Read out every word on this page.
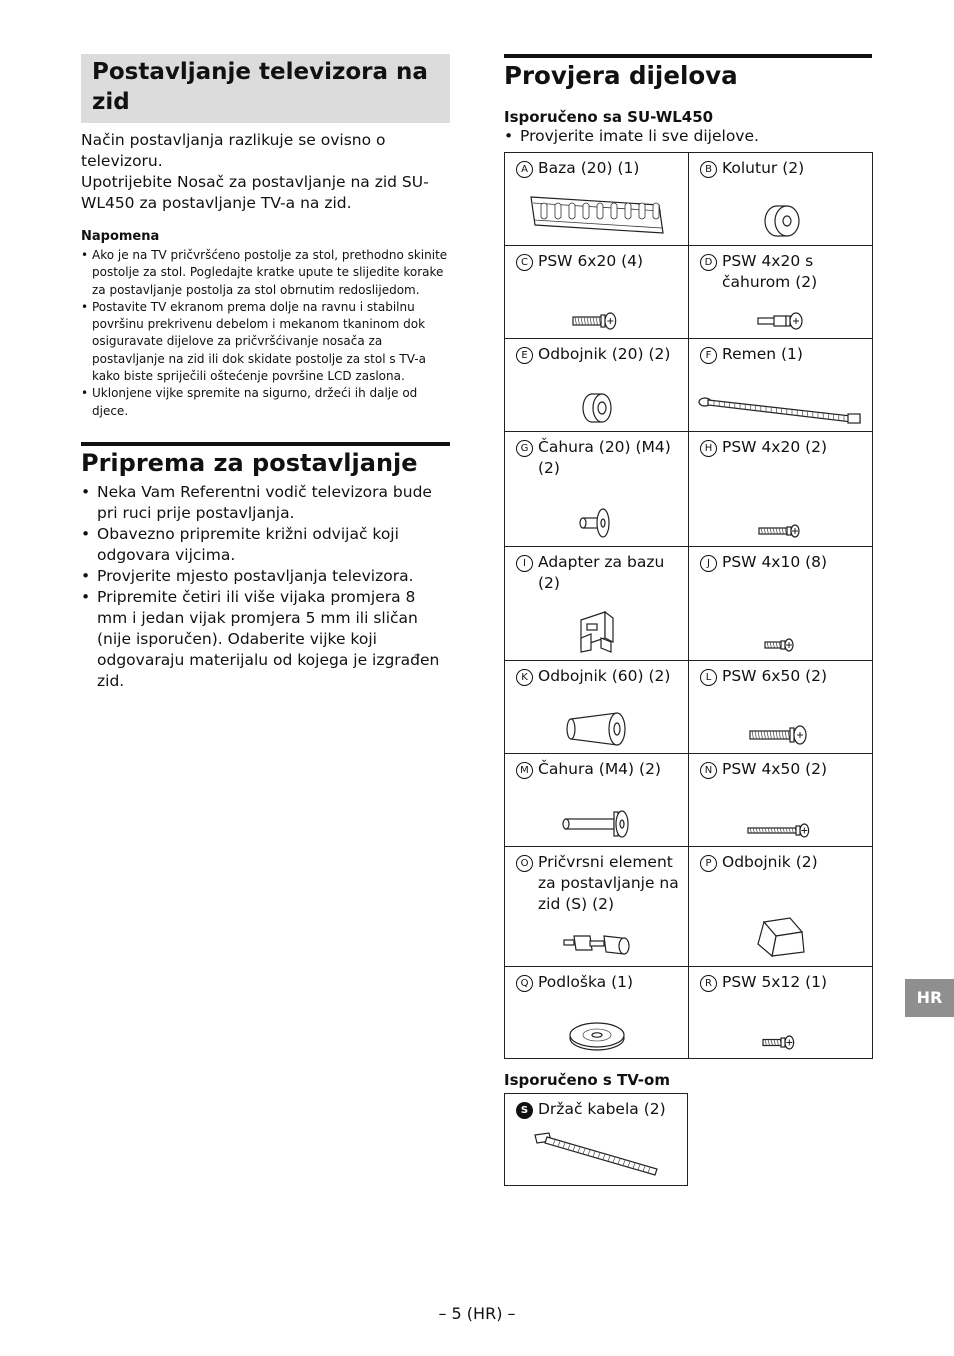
Postavljanje televizora na zid

Način postavljanja razlikuje se ovisno o televizoru.

Upotrijebite Nosač za postavljanje na zid SU-WL450 za postavljanje TV-a na zid.

Napomena
• Ako je na TV pričvršćeno postolje za stol, prethodno skinite postolje za stol. Pogledajte kratke upute te slijedite korake za postavljanje postolja za stol obrnutim redoslijedom.
• Postavite TV ekranom prema dolje na ravnu i stabilnu površinu prekrivenu debelom i mekanom tkaninom dok osiguravate dijelove za pričvršćivanje nosača za postavljanje na zid ili dok skidate postolje za stol s TV-a kako biste spriječili oštećenje površine LCD zaslona.
• Uklonjene vijke spremite na sigurno, držeći ih dalje od djece.
Priprema za postavljanje
• Neka Vam Referentni vodič televizora bude pri ruci prije postavljanja.
• Obavezno pripremite križni odvijač koji odgovara vijcima.
• Provjerite mjesto postavljanja televizora.
• Pripremite četiri ili više vijaka promjera 8 mm i jedan vijak promjera 5 mm ili sličan (nije isporučen). Odaberite vijke koji odgovaraju materijalu od kojega je izgrađen zid.
Provjera dijelova
Isporučeno sa SU-WL450
• Provjerite imate li sve dijelove.
A Baza (20) (1)	B Kolutur (2)

C PSW 6x20 (4)	D PSW 4x20 s čahurom (2)

E Odbojnik (20) (2)	F Remen (1)

G Čahura (20) (M4) (2)	H PSW 4x20 (2)

I Adapter za bazu (2)	J PSW 4x10 (8)

K Odbojnik (60) (2)	L PSW 6x50 (2)

M Čahura (M4) (2)	N PSW 4x50 (2)

O Pričvrsni element za postavljanje na zid (S) (2)	P Odbojnik (2)

Q Podloška (1)	R PSW 5x12 (1)
Isporučeno s TV-om
S Držač kabela (2)
HR
– 5 (HR) –
